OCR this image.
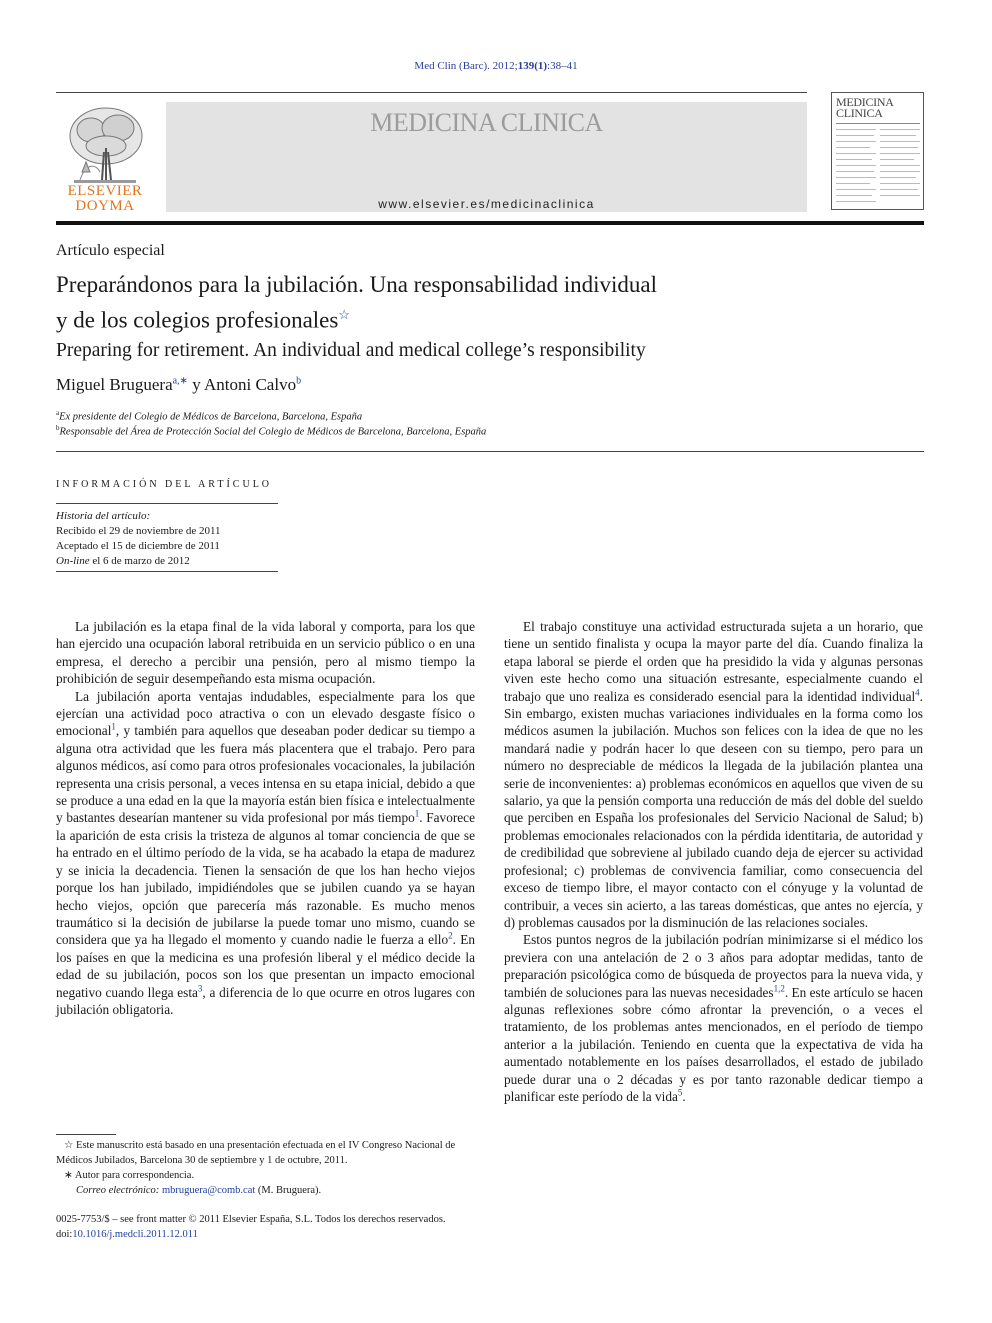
Med Clin (Barc). 2012;139(1):38–41
ELSEVIER
DOYMA
MEDICINA CLINICA
www.elsevier.es/medicinaclinica
MEDICINA
CLINICA
Artículo especial
Preparándonos para la jubilación. Una responsabilidad individual
y de los colegios profesionales☆
Preparing for retirement. An individual and medical college’s responsibility
Miguel Bruguera$^{a,∗}$ y Antoni Calvo$^b$
$^a$Ex presidente del Colegio de Médicos de Barcelona, Barcelona, España
$^b$Responsable del Área de Protección Social del Colegio de Médicos de Barcelona, Barcelona, España
INFORMACIÓN DEL ARTÍCULO
Historia del artículo:
Recibido el 29 de noviembre de 2011
Aceptado el 15 de diciembre de 2011
On-line el 6 de marzo de 2012

La jubilación es la etapa final de la vida laboral y comporta, para los que han ejercido una ocupación laboral retribuida en un servicio público o en una empresa, el derecho a percibir una pensión, pero al mismo tiempo la prohibición de seguir desempeñando esta misma ocupación.

La jubilación aporta ventajas indudables, especialmente para los que ejercían una actividad poco atractiva o con un elevado desgaste físico o emocional$^1$, y también para aquellos que deseaban poder dedicar su tiempo a alguna otra actividad que les fuera más placentera que el trabajo. Pero para algunos médicos, así como para otros profesionales vocacionales, la jubilación representa una crisis personal, a veces intensa en su etapa inicial, debido a que se produce a una edad en la que la mayoría están bien física e intelectualmente y bastantes desearían mantener su vida profesional por más tiempo$^1$. Favorece la aparición de esta crisis la tristeza de algunos al tomar conciencia de que se ha entrado en el último período de la vida, se ha acabado la etapa de madurez y se inicia la decadencia. Tienen la sensación de que los han hecho viejos porque los han jubilado, impidiéndoles que se jubilen cuando ya se hayan hecho viejos, opción que parecería más razonable. Es mucho menos traumático si la decisión de jubilarse la puede tomar uno mismo, cuando se considera que ya ha llegado el momento y cuando nadie le fuerza a ello$^2$. En los países en que la medicina es una profesión liberal y el médico decide la edad de su jubilación, pocos son los que presentan un impacto emocional negativo cuando llega esta$^3$, a diferencia de lo que ocurre en otros lugares con jubilación obligatoria.

El trabajo constituye una actividad estructurada sujeta a un horario, que tiene un sentido finalista y ocupa la mayor parte del día. Cuando finaliza la etapa laboral se pierde el orden que ha presidido la vida y algunas personas viven este hecho como una situación estresante, especialmente cuando el trabajo que uno realiza es considerado esencial para la identidad individual$^4$. Sin embargo, existen muchas variaciones individuales en la forma como los médicos asumen la jubilación. Muchos son felices con la idea de que no les mandará nadie y podrán hacer lo que deseen con su tiempo, pero para un número no despreciable de médicos la llegada de la jubilación plantea una serie de inconvenientes: a) problemas económicos en aquellos que viven de su salario, ya que la pensión comporta una reducción de más del doble del sueldo que perciben en España los profesionales del Servicio Nacional de Salud; b) problemas emocionales relacionados con la pérdida identitaria, de autoridad y de credibilidad que sobreviene al jubilado cuando deja de ejercer su actividad profesional; c) problemas de convivencia familiar, como consecuencia del exceso de tiempo libre, el mayor contacto con el cónyuge y la voluntad de contribuir, a veces sin acierto, a las tareas domésticas, que antes no ejercía, y d) problemas causados por la disminución de las relaciones sociales.

Estos puntos negros de la jubilación podrían minimizarse si el médico los previera con una antelación de 2 o 3 años para adoptar medidas, tanto de preparación psicológica como de búsqueda de proyectos para la nueva vida, y también de soluciones para las nuevas necesidades$^{1,2}$. En este artículo se hacen algunas reflexiones sobre cómo afrontar la prevención, o a veces el tratamiento, de los problemas antes mencionados, en el período de tiempo anterior a la jubilación. Teniendo en cuenta que la expectativa de vida ha aumentado notablemente en los países desarrollados, el estado de jubilado puede durar una o 2 décadas y es por tanto razonable dedicar tiempo a planificar este período de la vida$^5$.

☆ Este manuscrito está basado en una presentación efectuada en el IV Congreso Nacional de Médicos Jubilados, Barcelona 30 de septiembre y 1 de octubre, 2011.
∗ Autor para correspondencia.
Correo electrónico: mbruguera@comb.cat (M. Bruguera).
0025-7753/$ – see front matter © 2011 Elsevier España, S.L. Todos los derechos reservados.
doi:10.1016/j.medcli.2011.12.011
